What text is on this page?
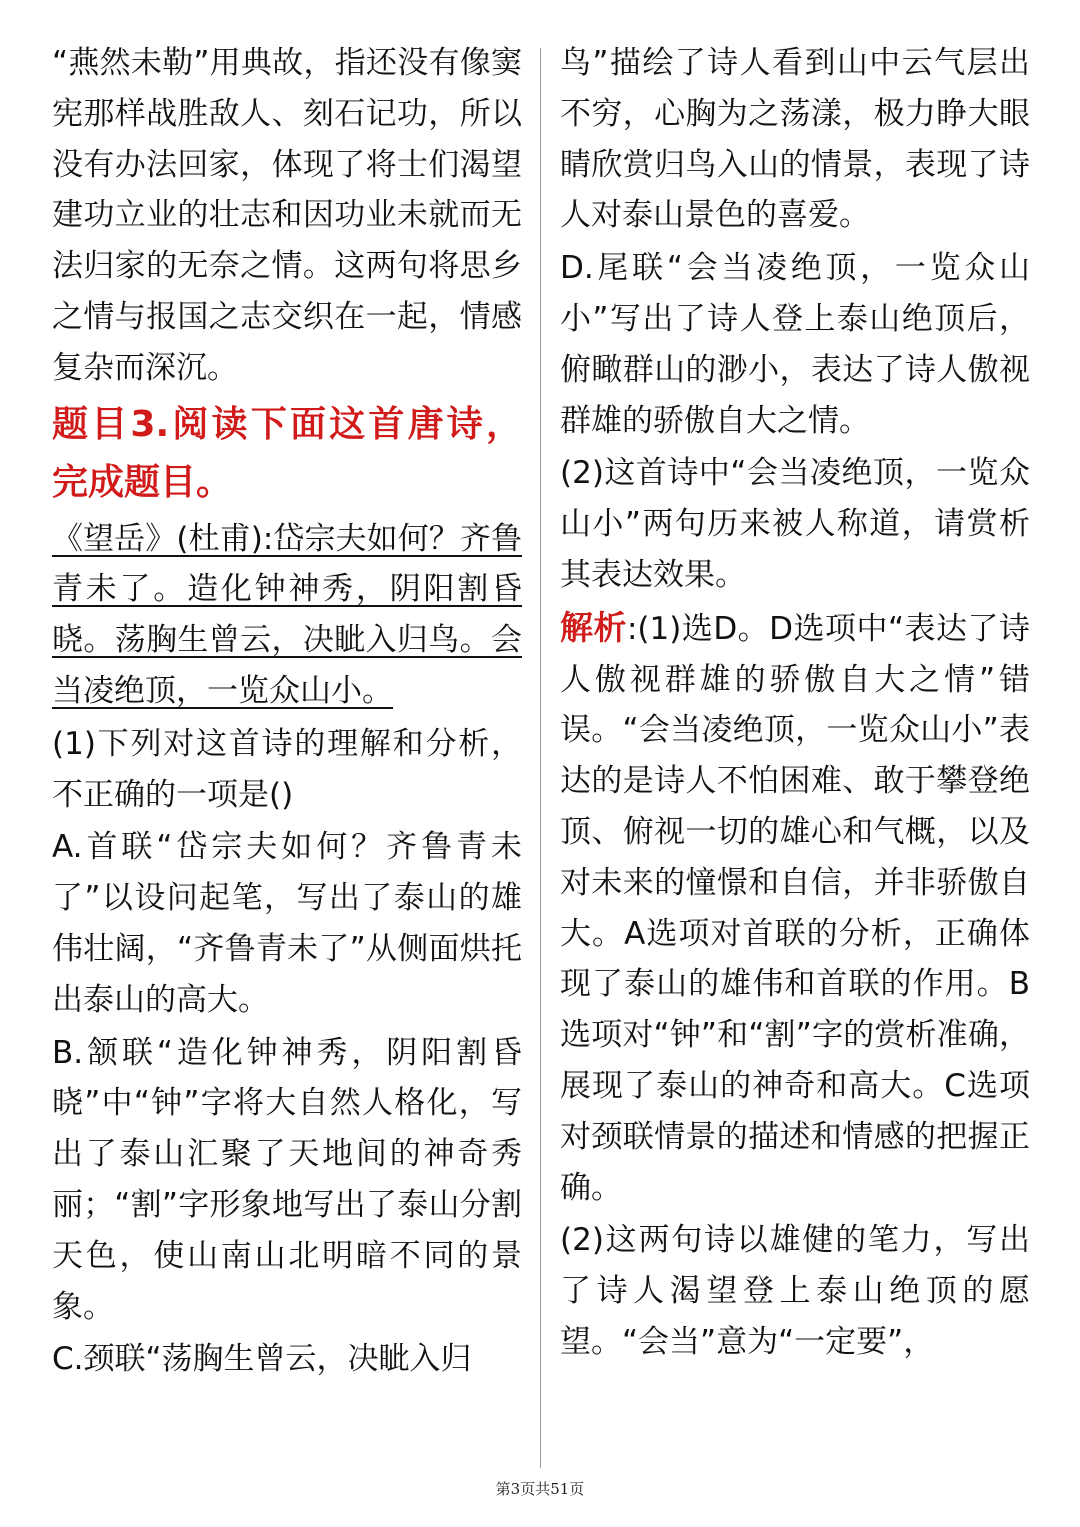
“燕然未勒”用典故，指还没有像窦宪那样战胜敌人、刻石记功，所以没有办法回家，体现了将士们渴望建功立业的壮志和因功业未就而无法归家的无奈之情。这两句将思乡之情与报国之志交织在一起，情感复杂而深沉。

题目3.阅读下面这首唐诗，完成题目。

《望岳》(杜甫):岱宗夫如何？齐鲁青未了。造化钟神秀，阴阳割昏晓。荡胸生曾云，决眦入归鸟。会当凌绝顶，一览众山小。

(1)下列对这首诗的理解和分析，不正确的一项是()

A.首联“岱宗夫如何？齐鲁青未了”以设问起笔，写出了泰山的雄伟壮阔，“齐鲁青未了”从侧面烘托出泰山的高大。

B.颔联“造化钟神秀，阴阳割昏晓”中“钟”字将大自然人格化，写出了泰山汇聚了天地间的神奇秀丽；“割”字形象地写出了泰山分割天色，使山南山北明暗不同的景象。

C.颈联“荡胸生曾云，决眦入归

鸟”描绘了诗人看到山中云气层出不穷，心胸为之荡漾，极力睁大眼睛欣赏归鸟入山的情景，表现了诗人对泰山景色的喜爱。

D.尾联“会当凌绝顶，一览众山小”写出了诗人登上泰山绝顶后，俯瞰群山的渺小，表达了诗人傲视群雄的骄傲自大之情。

(2)这首诗中“会当凌绝顶，一览众山小”两句历来被人称道，请赏析其表达效果。

解析:(1)选D。D选项中“表达了诗人傲视群雄的骄傲自大之情”错误。“会当凌绝顶，一览众山小”表达的是诗人不怕困难、敢于攀登绝顶、俯视一切的雄心和气概，以及对未来的憧憬和自信，并非骄傲自大。A选项对首联的分析，正确体现了泰山的雄伟和首联的作用。B选项对“钟”和“割”字的赏析准确，展现了泰山的神奇和高大。C选项对颈联情景的描述和情感的把握正确。

(2)这两句诗以雄健的笔力，写出了诗人渴望登上泰山绝顶的愿望。“会当”意为“一定要”，

第3页共51页
